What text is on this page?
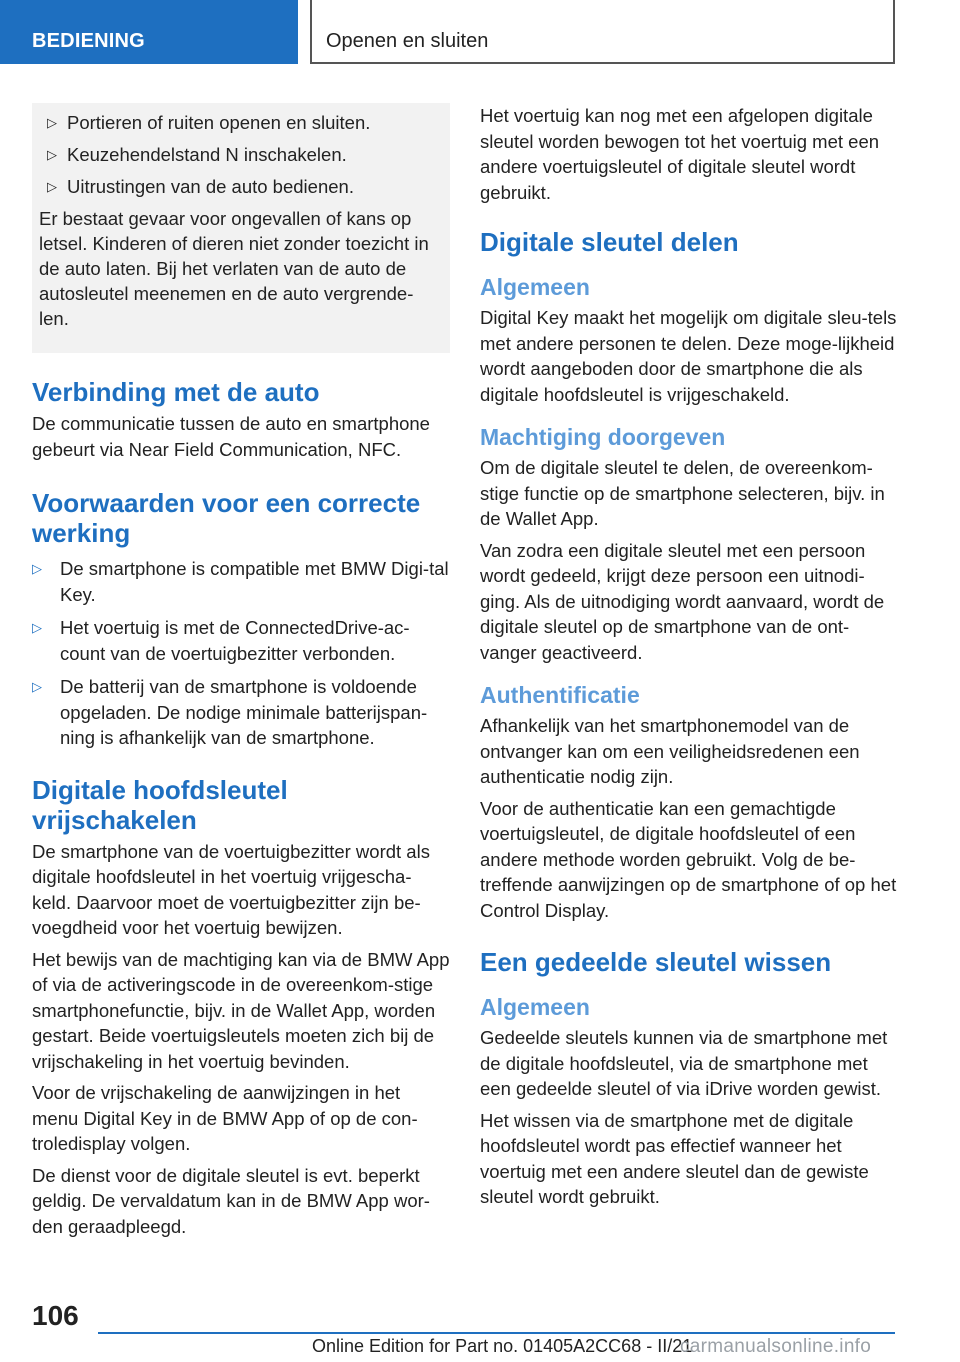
BEDIENING	Openen en sluiten
▷ Portieren of ruiten openen en sluiten.
▷ Keuzehendelstand N inschakelen.
▷ Uitrustingen van de auto bedienen.

Er bestaat gevaar voor ongevallen of kans op letsel. Kinderen of dieren niet zonder toezicht in de auto laten. Bij het verlaten van de auto de autosleutel meenemen en de auto vergrende-len.

Verbinding met de auto

De communicatie tussen de auto en smartphone gebeurt via Near Field Communication, NFC.

Voorwaarden voor een correcte werking
▷ De smartphone is compatible met BMW Digi-tal Key.
▷ Het voertuig is met de ConnectedDrive-ac-count van de voertuigbezitter verbonden.
▷ De batterij van de smartphone is voldoende opgeladen. De nodige minimale batterijspan-ning is afhankelijk van de smartphone.
Digitale hoofdsleutel vrijschakelen

De smartphone van de voertuigbezitter wordt als digitale hoofdsleutel in het voertuig vrijgescha-keld. Daarvoor moet de voertuigbezitter zijn be-voegdheid voor het voertuig bewijzen.

Het bewijs van de machtiging kan via de BMW App of via de activeringscode in de overeenkom-stige smartphonefunctie, bijv. in de Wallet App, worden gestart. Beide voertuigsleutels moeten zich bij de vrijschakeling in het voertuig bevinden.

Voor de vrijschakeling de aanwijzingen in het menu Digital Key in de BMW App of op de con-troledisplay volgen.

De dienst voor de digitale sleutel is evt. beperkt geldig. De vervaldatum kan in de BMW App wor-den geraadpleegd.

Het voertuig kan nog met een afgelopen digitale sleutel worden bewogen tot het voertuig met een andere voertuigsleutel of digitale sleutel wordt gebruikt.

Digitale sleutel delen
Algemeen

Digital Key maakt het mogelijk om digitale sleu-tels met andere personen te delen. Deze moge-lijkheid wordt aangeboden door de smartphone die als digitale hoofdsleutel is vrijgeschakeld.

Machtiging doorgeven

Om de digitale sleutel te delen, de overeenkom-stige functie op de smartphone selecteren, bijv. in de Wallet App.

Van zodra een digitale sleutel met een persoon wordt gedeeld, krijgt deze persoon een uitnodi-ging. Als de uitnodiging wordt aanvaard, wordt de digitale sleutel op de smartphone van de ont-vanger geactiveerd.

Authentificatie

Afhankelijk van het smartphonemodel van de ontvanger kan om een veiligheidsredenen een authenticatie nodig zijn.

Voor de authenticatie kan een gemachtigde voertuigsleutel, de digitale hoofdsleutel of een andere methode worden gebruikt. Volg de be-treffende aanwijzingen op de smartphone of op het Control Display.

Een gedeelde sleutel wissen
Algemeen

Gedeelde sleutels kunnen via de smartphone met de digitale hoofdsleutel, via de smartphone met een gedeelde sleutel of via iDrive worden gewist.

Het wissen via de smartphone met de digitale hoofdsleutel wordt pas effectief wanneer het voertuig met een andere sleutel dan de gewiste sleutel wordt gebruikt.

106
Online Edition for Part no. 01405A2CC68 - II/21
carmanualsonline.info
